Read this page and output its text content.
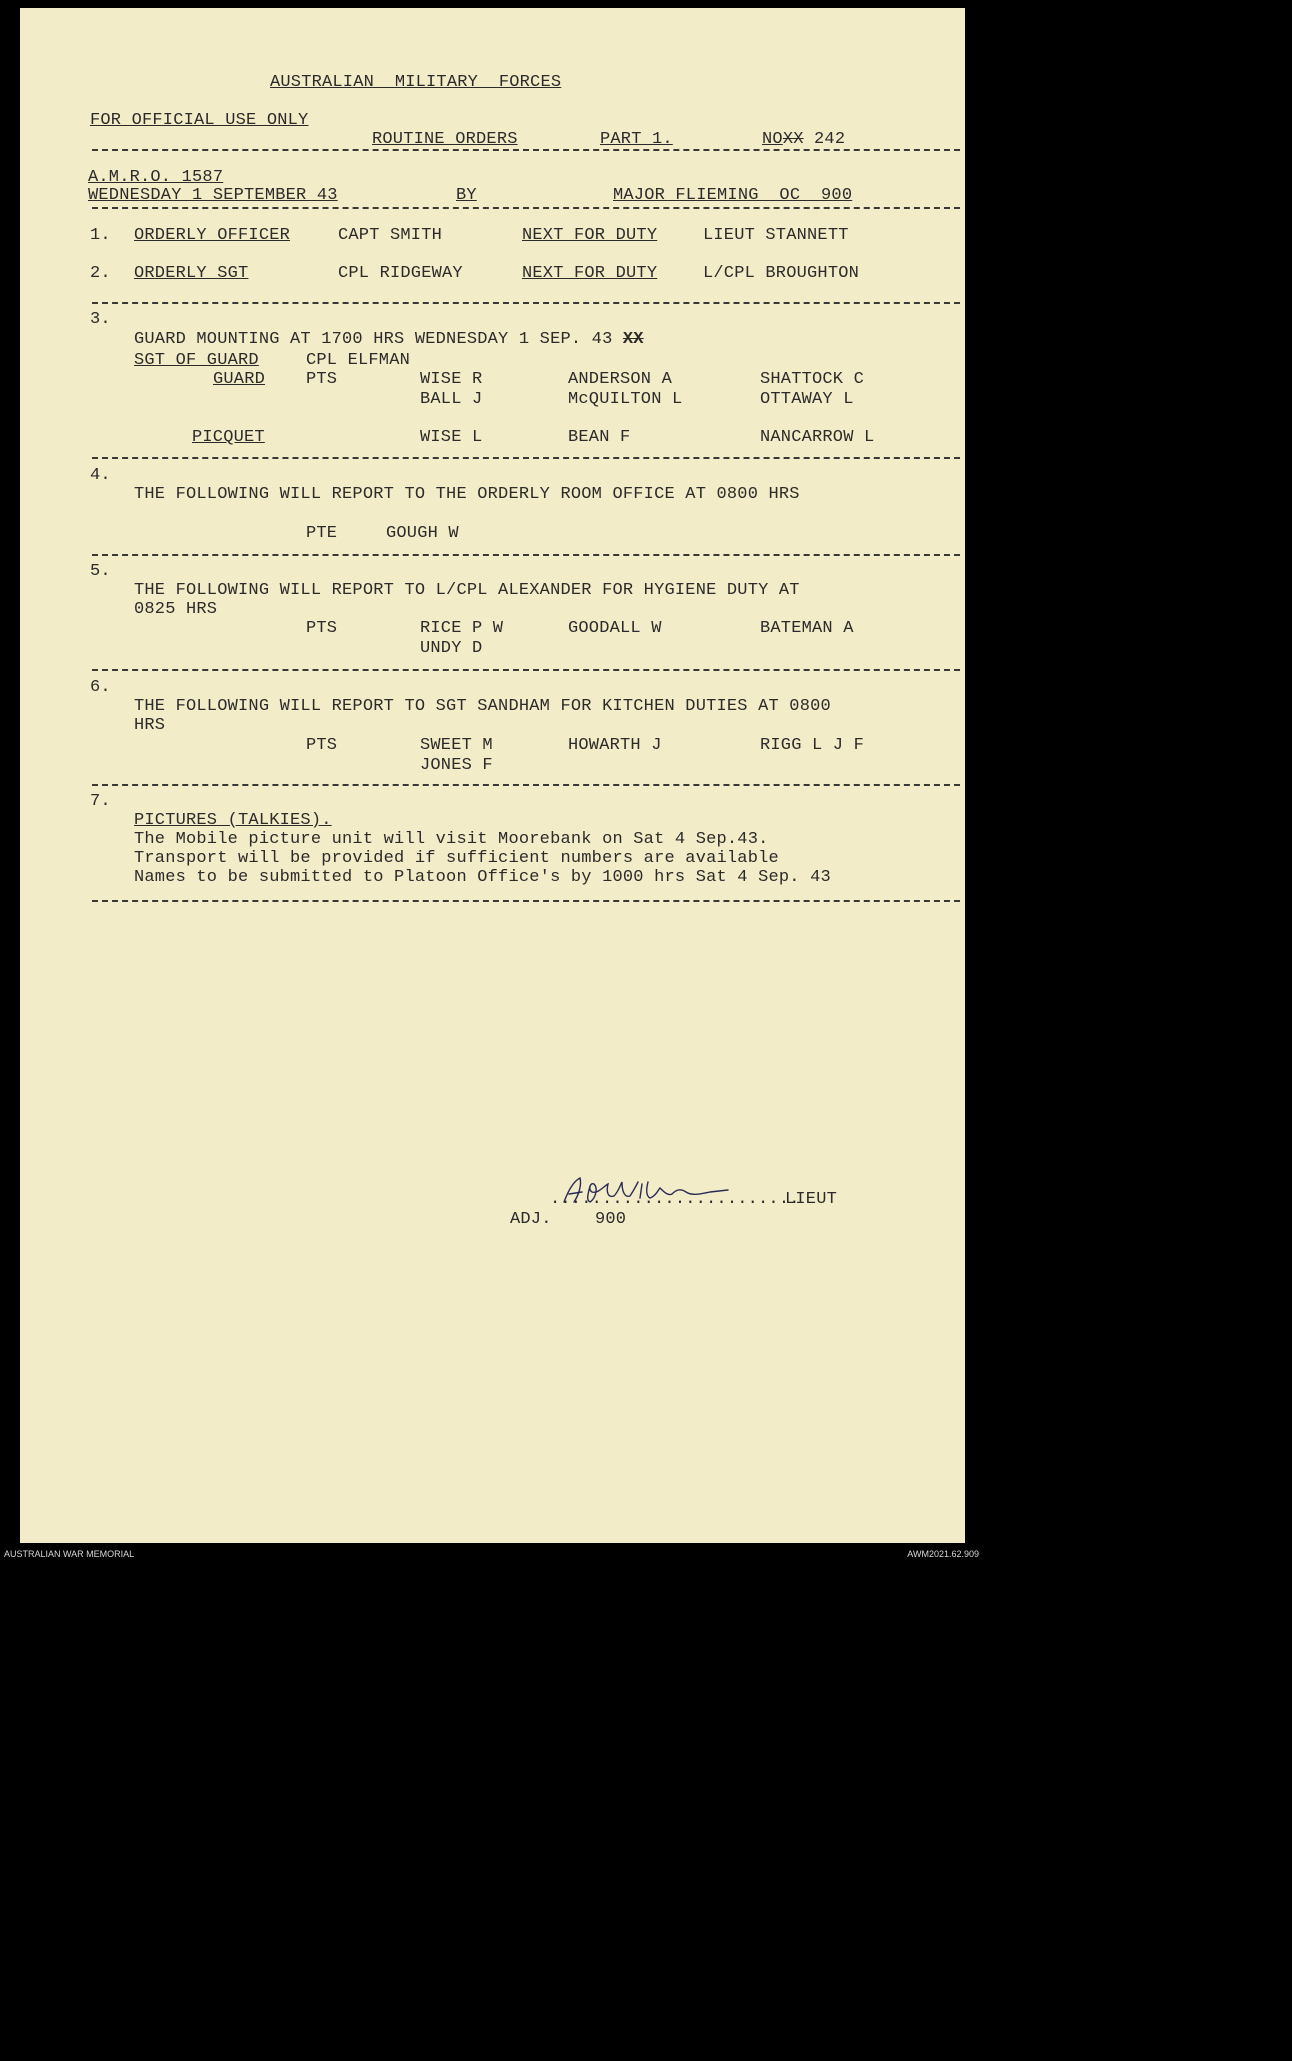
AUSTRALIAN  MILITARY  FORCES
FOR OFFICIAL USE ONLY
ROUTINE ORDERS	PART 1.	NOXX 242
A.M.R.O. 1587
WEDNESDAY 1 SEPTEMBER 43	BY	MAJOR FLIEMING  OC  900
1. ORDERLY OFFICER	CAPT SMITH	NEXT FOR DUTY	LIEUT STANNETT
2. ORDERLY SGT	CPL RIDGEWAY	NEXT FOR DUTY	L/CPL BROUGHTON
3.
GUARD MOUNTING AT 1700 HRS WEDNESDAY 1 SEP. 43 XX
SGT OF GUARD	CPL ELFMAN
GUARD PTS	WISE R	ANDERSON A	SHATTOCK C
BALL J	McQUILTON L	OTTAWAY L
PICQUET	WISE L	BEAN F	NANCARROW L
4.
THE FOLLOWING WILL REPORT TO THE ORDERLY ROOM OFFICE AT 0800 HRS
PTE	GOUGH W
5.
THE FOLLOWING WILL REPORT TO L/CPL ALEXANDER FOR HYGIENE DUTY AT
0825 HRS
PTS	RICE P W	GOODALL W	BATEMAN A
UNDY D
6.
THE FOLLOWING WILL REPORT TO SGT SANDHAM FOR KITCHEN DUTIES AT 0800
HRS
PTS	SWEET M	HOWARTH J	RIGG L J F
JONES F
7.
PICTURES (TALKIES).
The Mobile picture unit will visit Moorebank on Sat 4 Sep.43.
Transport will be provided if sufficient numbers are available
Names to be submitted to Platoon Office's by 1000 hrs Sat 4 Sep. 43
........................
LIEUT
ADJ.	900
AUSTRALIAN WAR MEMORIAL	AWM2021.62.909
